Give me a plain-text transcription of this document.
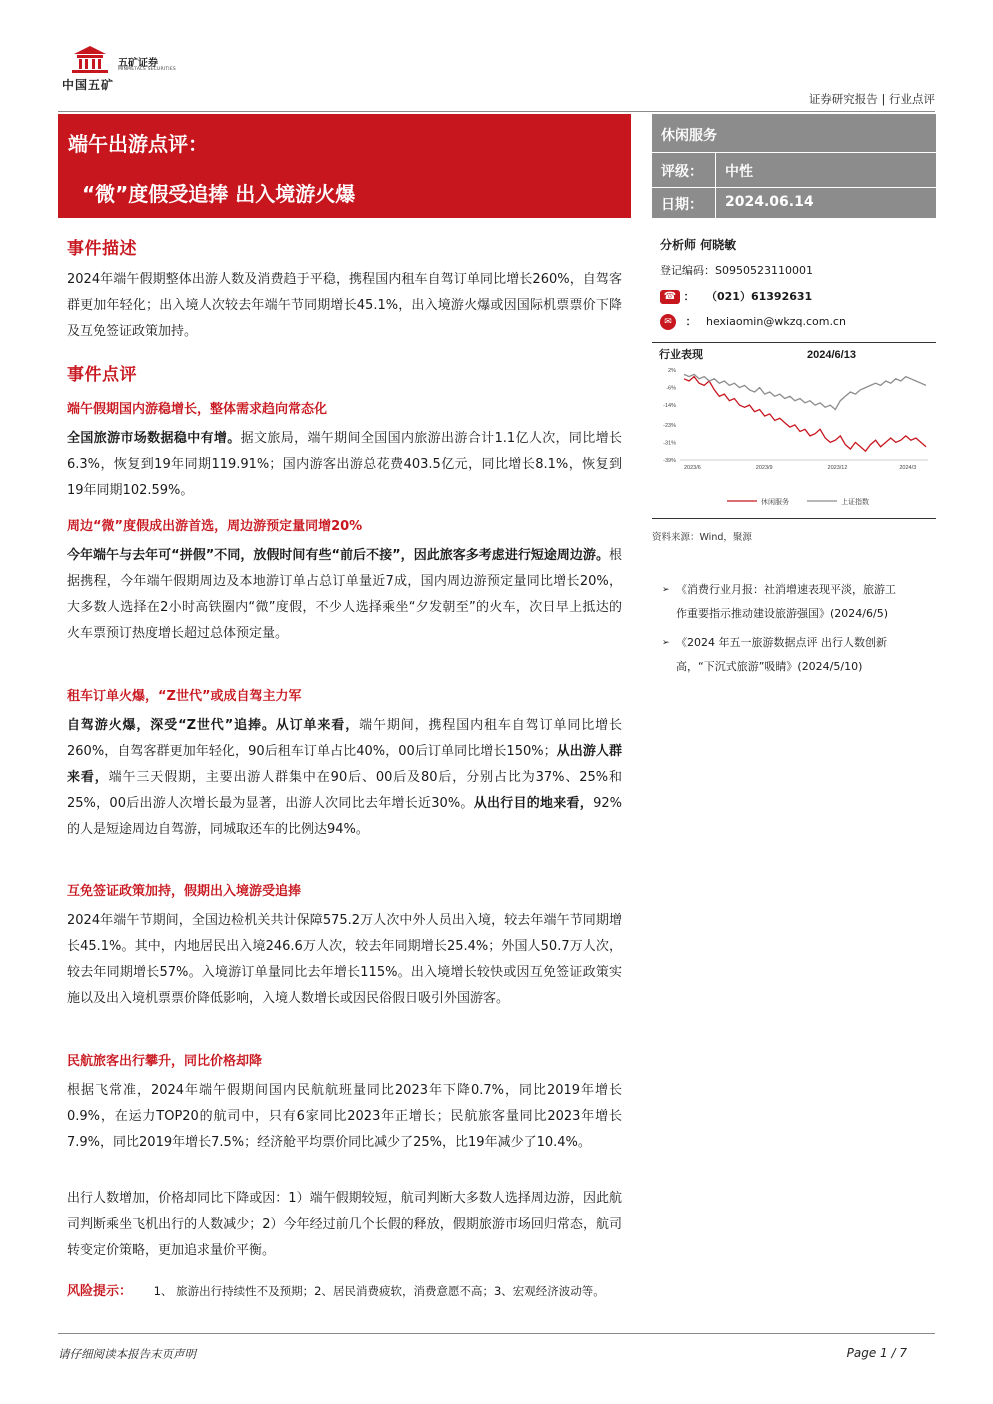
中国五矿
五矿证券
MINMETALS SECURITIES
证券研究报告 | 行业点评
端午出游点评：
“微”度假受追捧 出入境游火爆
休闲服务
评级：	中性
日期：	2024.06.14
分析师 何晓敏
登记编码：S0950523110001
☎ ： （021）61392631
✉ ： hexiaomin@wkzq.com.cn
行业表现	2024/6/13
2%
-6%
-14%
-23%
-31%
-39%
2023/6	2023/9	2023/12	2024/3
休闲服务	上证指数
资料来源：Wind，聚源
➢ 《消费行业月报：社消增速表现平淡，旅游工
作重要指示推动建设旅游强国》(2024/6/5)
➢ 《2024 年五一旅游数据点评 出行人数创新
高，“下沉式旅游”吸睛》(2024/5/10)
事件描述
2024年端午假期整体出游人数及消费趋于平稳，携程国内租车自驾订单同比增长260%，自驾客群更加年轻化；出入境人次较去年端午节同期增长45.1%，出入境游火爆或因国际机票票价下降及互免签证政策加持。
事件点评
端午假期国内游稳增长，整体需求趋向常态化
全国旅游市场数据稳中有增。据文旅局，端午期间全国国内旅游出游合计1.1亿人次，同比增长6.3%，恢复到19年同期119.91%；国内游客出游总花费403.5亿元，同比增长8.1%，恢复到19年同期102.59%。
周边“微”度假成出游首选，周边游预定量同增20%
今年端午与去年可“拼假”不同，放假时间有些“前后不接”，因此旅客多考虑进行短途周边游。根据携程，今年端午假期周边及本地游订单占总订单量近7成，国内周边游预定量同比增长20%，大多数人选择在2小时高铁圈内“微”度假，不少人选择乘坐“夕发朝至”的火车，次日早上抵达的火车票预订热度增长超过总体预定量。
租车订单火爆，“Z世代”或成自驾主力军
自驾游火爆，深受“Z世代”追捧。从订单来看，端午期间，携程国内租车自驾订单同比增长260%，自驾客群更加年轻化，90后租车订单占比40%，00后订单同比增长150%；从出游人群来看，端午三天假期，主要出游人群集中在90后、00后及80后，分别占比为37%、25%和25%，00后出游人次增长最为显著，出游人次同比去年增长近30%。从出行目的地来看，92%的人是短途周边自驾游，同城取还车的比例达94%。
互免签证政策加持，假期出入境游受追捧
2024年端午节期间，全国边检机关共计保障575.2万人次中外人员出入境，较去年端午节同期增长45.1%。其中，内地居民出入境246.6万人次，较去年同期增长25.4%；外国人50.7万人次，较去年同期增长57%。入境游订单量同比去年增长115%。出入境增长较快或因互免签证政策实施以及出入境机票票价降低影响，入境人数增长或因民俗假日吸引外国游客。
民航旅客出行攀升，同比价格却降
根据飞常准，2024年端午假期间国内民航航班量同比2023年下降0.7%，同比2019年增长0.9%，在运力TOP20的航司中，只有6家同比2023年正增长；民航旅客量同比2023年增长7.9%，同比2019年增长7.5%；经济舱平均票价同比减少了25%，比19年减少了10.4%。
出行人数增加，价格却同比下降或因：1）端午假期较短，航司判断大多数人选择周边游，因此航司判断乘坐飞机出行的人数减少；2）今年经过前几个长假的释放，假期旅游市场回归常态，航司转变定价策略，更加追求量价平衡。
风险提示： 1、 旅游出行持续性不及预期；2、居民消费疲软，消费意愿不高；3、宏观经济波动等。
请仔细阅读本报告末页声明	Page 1 / 7
